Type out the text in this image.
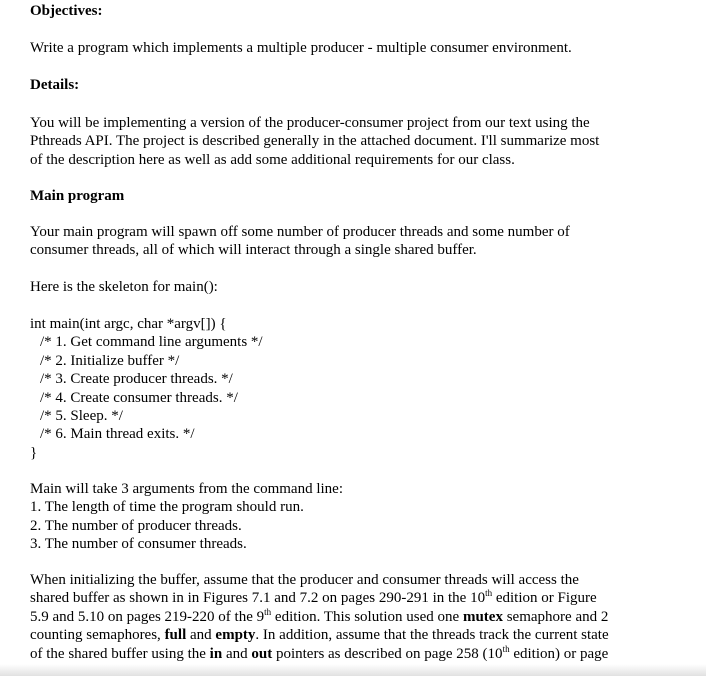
Objectives:
Write a program which implements a multiple producer - multiple consumer environment.
Details:
You will be implementing a version of the producer-consumer project from our text using the
Pthreads API. The project is described generally in the attached document. I'll summarize most
of the description here as well as add some additional requirements for our class.
Main program
Your main program will spawn off some number of producer threads and some number of
consumer threads, all of which will interact through a single shared buffer.
Here is the skeleton for main():
int main(int argc, char *argv[]) {
/* 1. Get command line arguments */
/* 2. Initialize buffer */
/* 3. Create producer threads. */
/* 4. Create consumer threads. */
/* 5. Sleep. */
/* 6. Main thread exits. */
}
Main will take 3 arguments from the command line:
1. The length of time the program should run.
2. The number of producer threads.
3. The number of consumer threads.
When initializing the buffer, assume that the producer and consumer threads will access the
shared buffer as shown in in Figures 7.1 and 7.2 on pages 290-291 in the 10th edition or Figure
5.9 and 5.10 on pages 219-220 of the 9th edition. This solution used one mutex semaphore and 2
counting semaphores, full and empty. In addition, assume that the threads track the current state
of the shared buffer using the in and out pointers as described on page 258 (10th edition) or page
